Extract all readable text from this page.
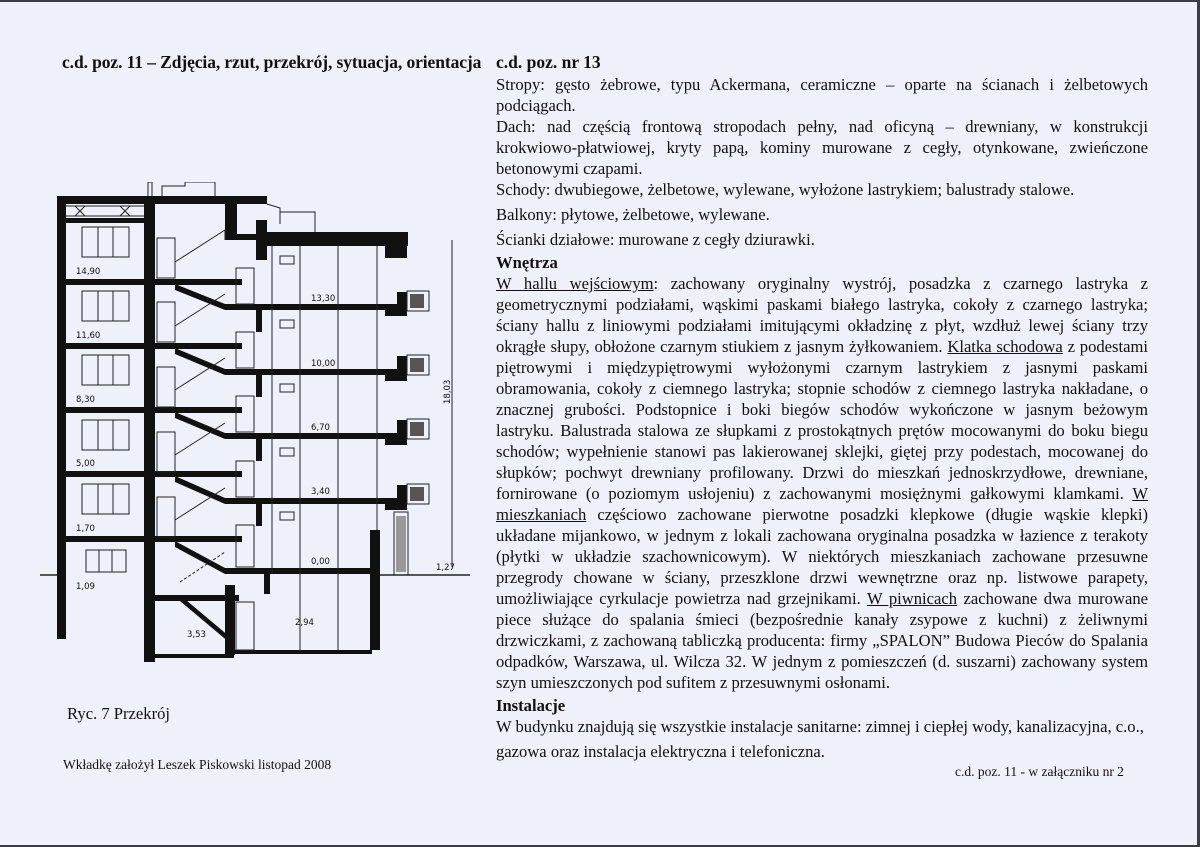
c.d. poz. 11 – Zdjęcia, rzut, przekrój, sytuacja, orientacja
14,90
11,60
8,30
5,00
1,70
1,09
13,30
10,00
6,70
3,40
0,00
2,94
3,53
1,27
18,03
Ryc. 7 Przekrój
Wkładkę założył Leszek Piskowski listopad 2008
c.d. poz. nr 13

Stropy: gęsto żebrowe, typu Ackermana, ceramiczne – oparte na ścianach i żelbetowych podciągach.

Dach: nad częścią frontową stropodach pełny, nad oficyną – drewniany, w konstrukcji krokwiowo-płatwiowej, kryty papą, kominy murowane z cegły, otynkowane, zwieńczone betonowymi czapami.

Schody: dwubiegowe, żelbetowe, wylewane, wyłożone lastrykiem; balustrady stalowe.

Balkony: płytowe, żelbetowe, wylewane.

Ścianki działowe: murowane z cegły dziurawki.

Wnętrza

W hallu wejściowym: zachowany oryginalny wystrój, posadzka z czarnego lastryka z geometrycznymi podziałami, wąskimi paskami białego lastryka, cokoły z czarnego lastryka; ściany hallu z liniowymi podziałami imitującymi okładzinę z płyt, wzdłuż lewej ściany trzy okrągłe słupy, obłożone czarnym stiukiem z jasnym żyłkowaniem. Klatka schodowa z podestami piętrowymi i międzypiętrowymi wyłożonymi czarnym lastrykiem z jasnymi paskami obramowania, cokoły z ciemnego lastryka; stopnie schodów z ciemnego lastryka nakładane, o znacznej grubości. Podstopnice i boki biegów schodów wykończone w jasnym beżowym lastryku. Balustrada stalowa ze słupkami z prostokątnych prętów mocowanymi do boku biegu schodów; wypełnienie stanowi pas lakierowanej sklejki, giętej przy podestach, mocowanej do słupków; pochwyt drewniany profilowany. Drzwi do mieszkań jednoskrzydłowe, drewniane, fornirowane (o poziomym usłojeniu) z zachowanymi mosiężnymi gałkowymi klamkami. W mieszkaniach częściowo zachowane pierwotne posadzki klepkowe (długie wąskie klepki) układane mijankowo, w jednym z lokali zachowana oryginalna posadzka w łazience z terakoty (płytki w układzie szachownicowym). W niektórych mieszkaniach zachowane przesuwne przegrody chowane w ściany, przeszklone drzwi wewnętrzne oraz np. listwowe parapety, umożliwiające cyrkulacje powietrza nad grzejnikami. W piwnicach zachowane dwa murowane piece służące do spalania śmieci (bezpośrednie kanały zsypowe z kuchni) z żeliwnymi drzwiczkami, z zachowaną tabliczką producenta: firmy „SPALON” Budowa Pieców do Spalania odpadków, Warszawa, ul. Wilcza 32. W jednym z pomieszczeń (d. suszarni) zachowany system szyn umieszczonych pod sufitem z przesuwnymi osłonami.

Instalacje

W budynku znajdują się wszystkie instalacje sanitarne: zimnej i ciepłej wody, kanalizacyjna, c.o.,

gazowa oraz instalacja elektryczna i telefoniczna.

c.d. poz. 11 - w załączniku nr 2
